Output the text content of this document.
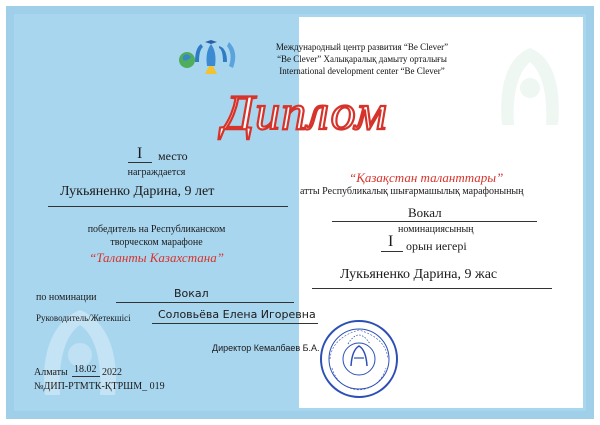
Международный центр развития “Be Clever”
“Be Clever” Халықаралық дамыту орталығы
International development center “Be Clever”
Диплом
I место
награждается
Лукьяненко Дарина, 9 лет
победитель на Республиканском
творческом марафоне
“Таланты Казахстана”
по номинации	Вокал
Руководитель/Жетекшісі Соловьёва Елена Игоревна
Алматы 18.02 2022
№ДИП-РТМТК-ҚТРШМ_ 019
“Қазақстан таланттары”
атты Республикалық шығармашылық марафонының
Вокал
номинациясының
I орын иегері
Лукьяненко Дарина, 9 жас
Директор Кемалбаев Б.А.
